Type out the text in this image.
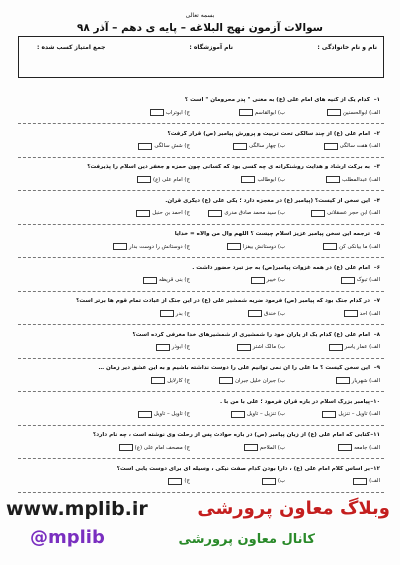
بسمه تعالی
سوالات آزمون نهج البلاغه – پایه ی دهم – آذر ۹۸
نام و نام خانوادگی :
نام آموزشگاه :
جمع امتیاز کسب شده :
۱–کدام یک از کنیه های امام علی (ع) به معنی " پدر محرومان " است ؟
الف) ابوالحسنین
ب) ابوالقاسم
ج) ابوتراب
۲–امام علی (ع) از چند سالگی تحت تربیت و پرورش پیامبر (ص) قرار گرفت؟
الف) هفت سالگی
ب) چهار سالگی
ج) شش سالگی
۳–به برکت ارشاد و هدایت روشنگرانه ی چه کسی بود که کسانی چون حمزه و جعفر دین اسلام را پذیرفت؟
الف) عبدالمطلب
ب) ابوطالب
ج) امام علی (ع)
۴–این سخن از کیست؟ (پیامبر (ع) در معجزه دارد ؛ یکی علی (ع) دیگری قرآن.
الف) ابن حجر عسقلانی
ب) سید محمد صادق مدری
ج) احمد بن حنبل
۵–ترجمه این سخن پیامبر عزیز اسلام چیست ؟ اللهم وال من والاه = خدایا
الف) ما بیانکی کن
ب) دوستانش بیفزا
ج) دوستانش را دوست بدار
۶–امام علی (ع) در همه غزوات پیامبر(ص) به جز تبرد حضور داشت .
الف) تبوک
ب) خیبر
ج) بنی قریظه
۷–در کدام جنگ بود که پیامبر (ص) فرمود ضربه شمشیر علی (ع) در این جنگ از عبادت تمام قوم ها برتر است؟
الف) احد
ب) خندق
ج) بدر
۸–امام علی (ع) کدام یک از یاران خود را شمشیری از شمشیرهای خدا معرفی کرده است؟
الف) عمار یاسر
ب) مالک اشتر
ج) ابوذر
۹–این سخن کیست ؟ ما علی را آن نمی توانیم علی را دوست نداشته باشیم و به این عشق دیر زمان …
الف) شهریار
ب) جبران خلیل جبران
ج) کارلایل
۱۰–پیامبر بزرگ اسلام در باره قرآن فرمود ؛ علی با من با .
الف) تاویل – تنزیل
ب) تنزیل – تاویل
ج) تاویل – تاویل
۱۱–کتابی که امام علی (ع) از زبان پیامبر (ص) در باره حوادث پس از رحلت وی نوشته است ، چه نام دارد؟
الف) جامعه
ب) الملاحم
ج) مصحف امام علی (ع)
۱۲–بر اساس کلام امام علی (ع) ، دارا بودن کدام صفت نیکی ، وسیله ای برای دوست یابی است؟
الف)
ب)
ج)
www.mplib.ir	وبلاگ معاون پرورشی
کانال معاون پرورشی
@mplib
